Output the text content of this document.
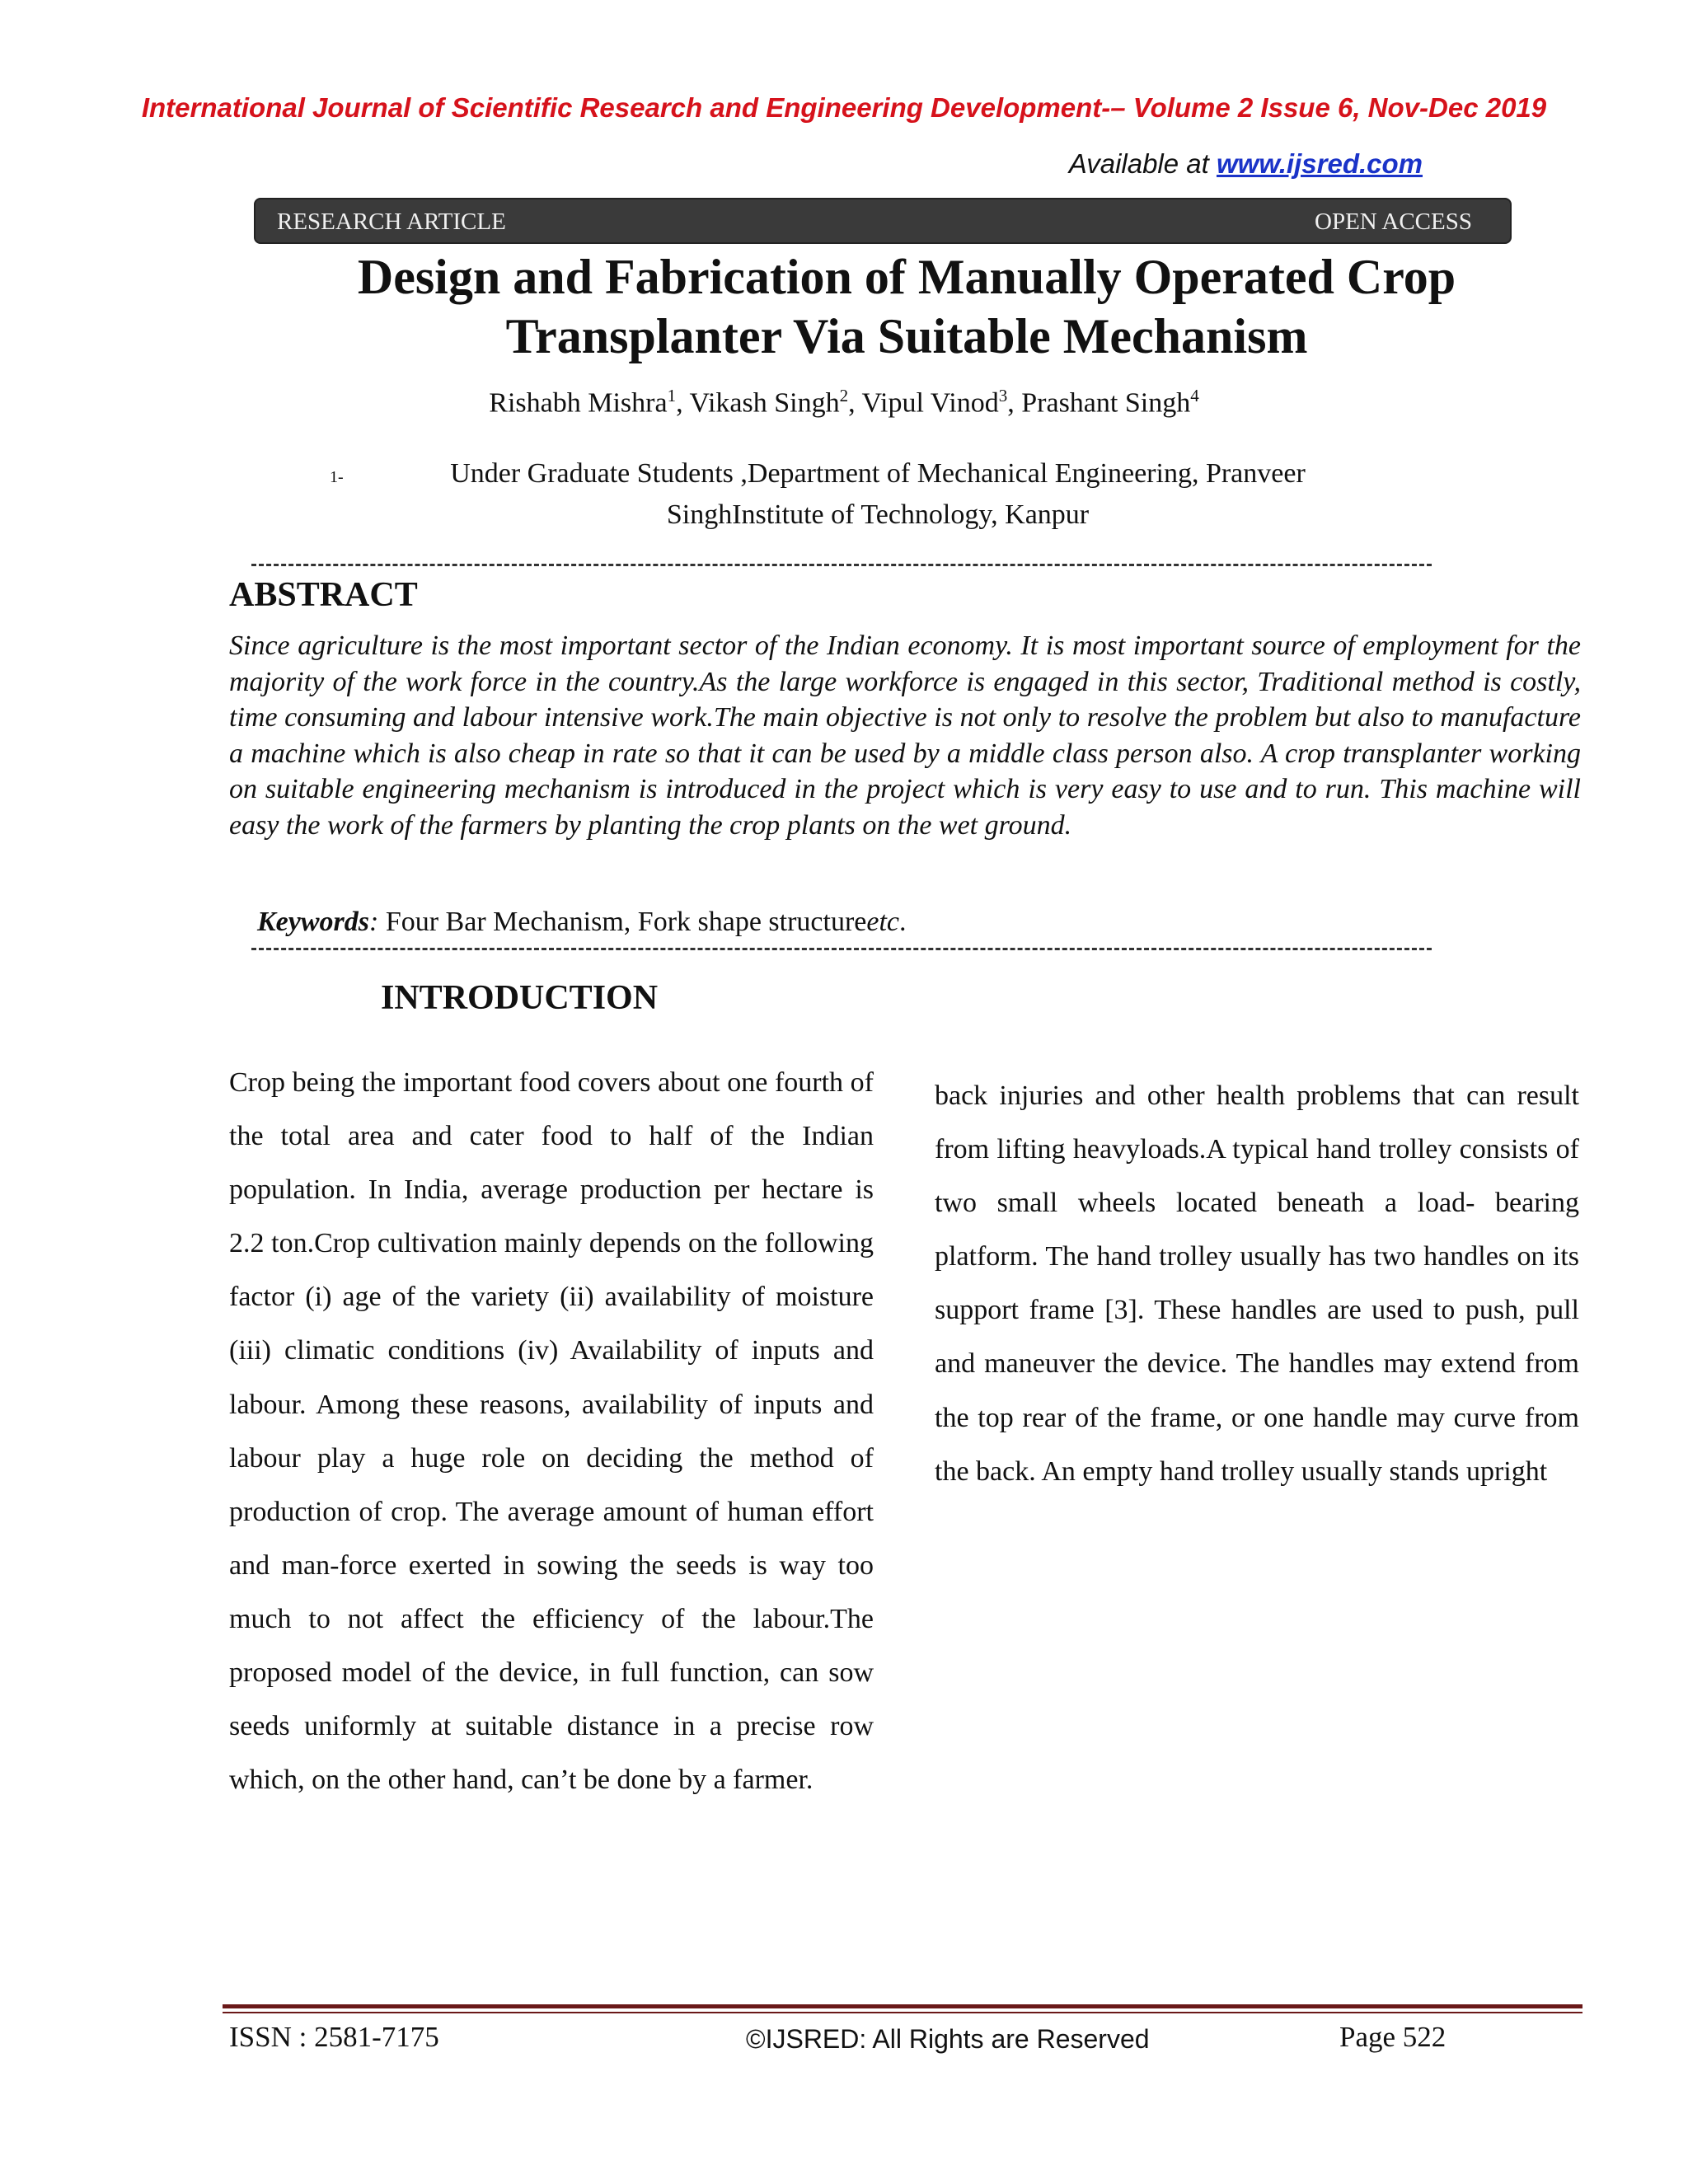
International Journal of Scientific Research and Engineering Development-– Volume 2 Issue 6, Nov-Dec 2019
Available at www.ijsred.com
RESEARCH ARTICLE	OPEN ACCESS
Design and Fabrication of Manually Operated Crop Transplanter Via Suitable Mechanism
Rishabh Mishra$^1$, Vikash Singh$^2$, Vipul Vinod$^3$, Prashant Singh$^4$
1-	Under Graduate Students ,Department of Mechanical Engineering, Pranveer
SinghInstitute of Technology, Kanpur
ABSTRACT
Since agriculture is the most important sector of the Indian economy. It is most important source of employment for the majority of the work force in the country.As the large workforce is engaged in this sector, Traditional method is costly, time consuming and labour intensive work.The main objective is not only to resolve the problem but also to manufacture a machine which is also cheap in rate so that it can be used by a middle class person also. A crop transplanter working on suitable engineering mechanism is introduced in the project which is very easy to use and to run. This machine will easy the work of the farmers by planting the crop plants on the wet ground.
Keywords: Four Bar Mechanism, Fork shape structureetc.
INTRODUCTION
Crop being the important food covers about one fourth of the total area and cater food to half of the Indian population. In India, average production per hectare is 2.2 ton.Crop cultivation mainly depends on the following factor (i) age of the variety (ii) availability of moisture (iii) climatic conditions (iv) Availability of inputs and labour. Among these reasons, availability of inputs and labour play a huge role on deciding the method of production of crop. The average amount of human effort and man-force exerted in sowing the seeds is way too much to not affect the efficiency of the labour.The proposed model of the device, in full function, can sow seeds uniformly at suitable distance in a precise row which, on the other hand, can’t be done by a farmer.
back injuries and other health problems that can result from lifting heavyloads.A typical hand trolley consists of two small wheels located beneath a load- bearing platform. The hand trolley usually has two handles on its support frame [3]. These handles are used to push, pull and maneuver the device. The handles may extend from the top rear of the frame, or one handle may curve from the back. An empty hand trolley usually stands upright
ISSN : 2581-7175	©IJSRED: All Rights are Reserved	Page 522
